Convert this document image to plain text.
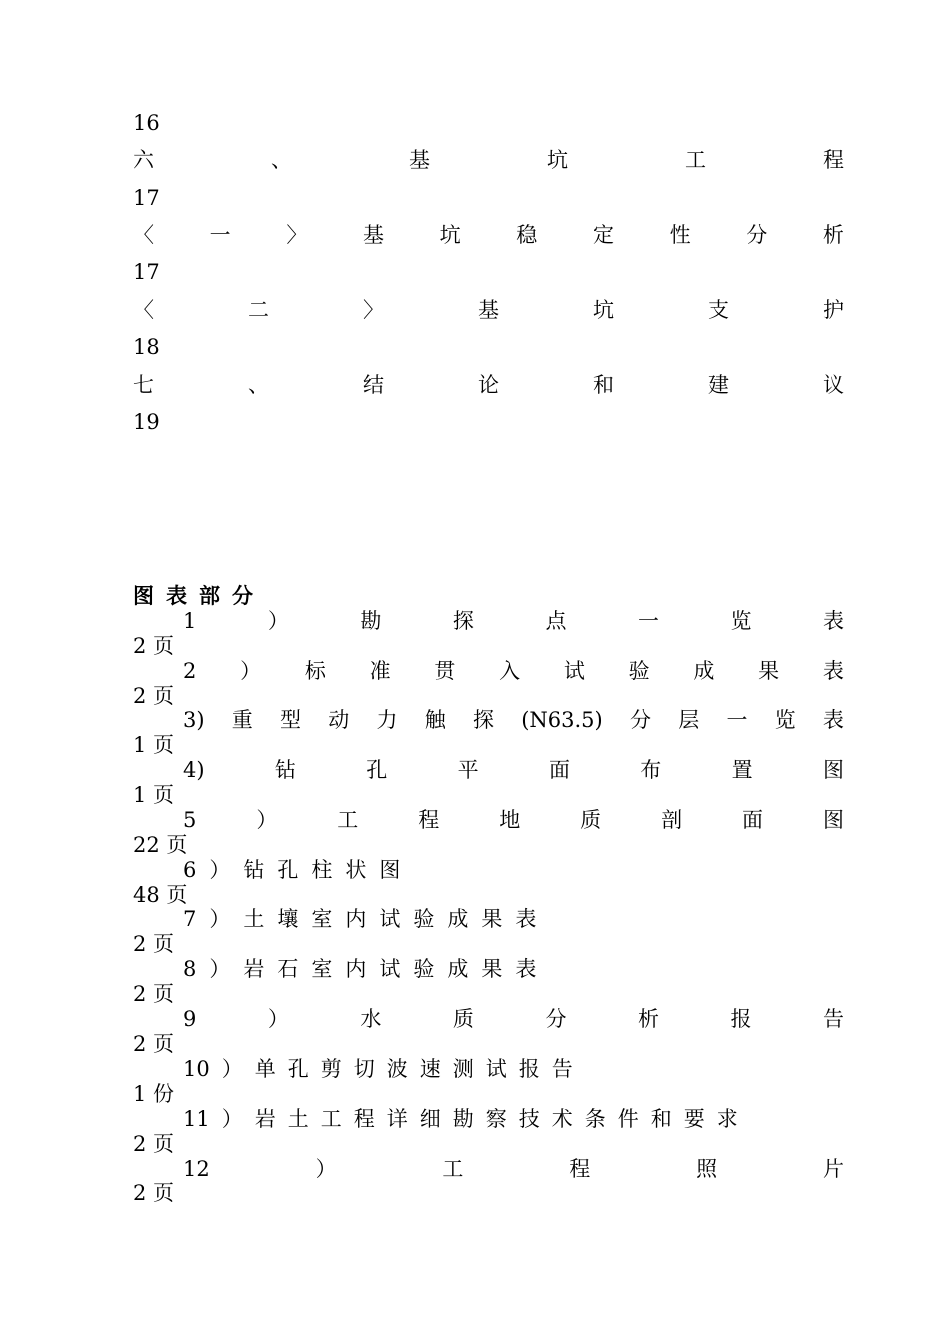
16
六	、	基	坑	工	程
17
〈	一	〉	基	坑	稳	定	性	分	析
17
〈	二	〉	基	坑	支	护
18
七	、	结	论	和	建	议
19
图 表 部 分
1	）	勘	探	点	一	览	表
2 页
2 ） 标 准 贯 入 试 验 成 果 表
2 页
3) 重 型 动 力 触 探 (N63.5) 分 层 一 览 表
1 页
4)	钻	孔	平	面	布	置	图
1 页
5	）	工	程	地	质	剖	面	图
22 页
6 ） 钻 孔 柱 状 图
48 页
7 ） 土 壤 室 内 试 验 成 果 表
2 页
8 ） 岩 石 室 内 试 验 成 果 表
2 页
9	）	水	质	分	析	报	告
2 页
10 ） 单 孔 剪 切 波 速 测 试 报 告
1 份
11 ） 岩 土 工 程 详 细 勘 察 技 术 条 件 和 要 求
2 页
12	）	工	程	照	片
2 页
